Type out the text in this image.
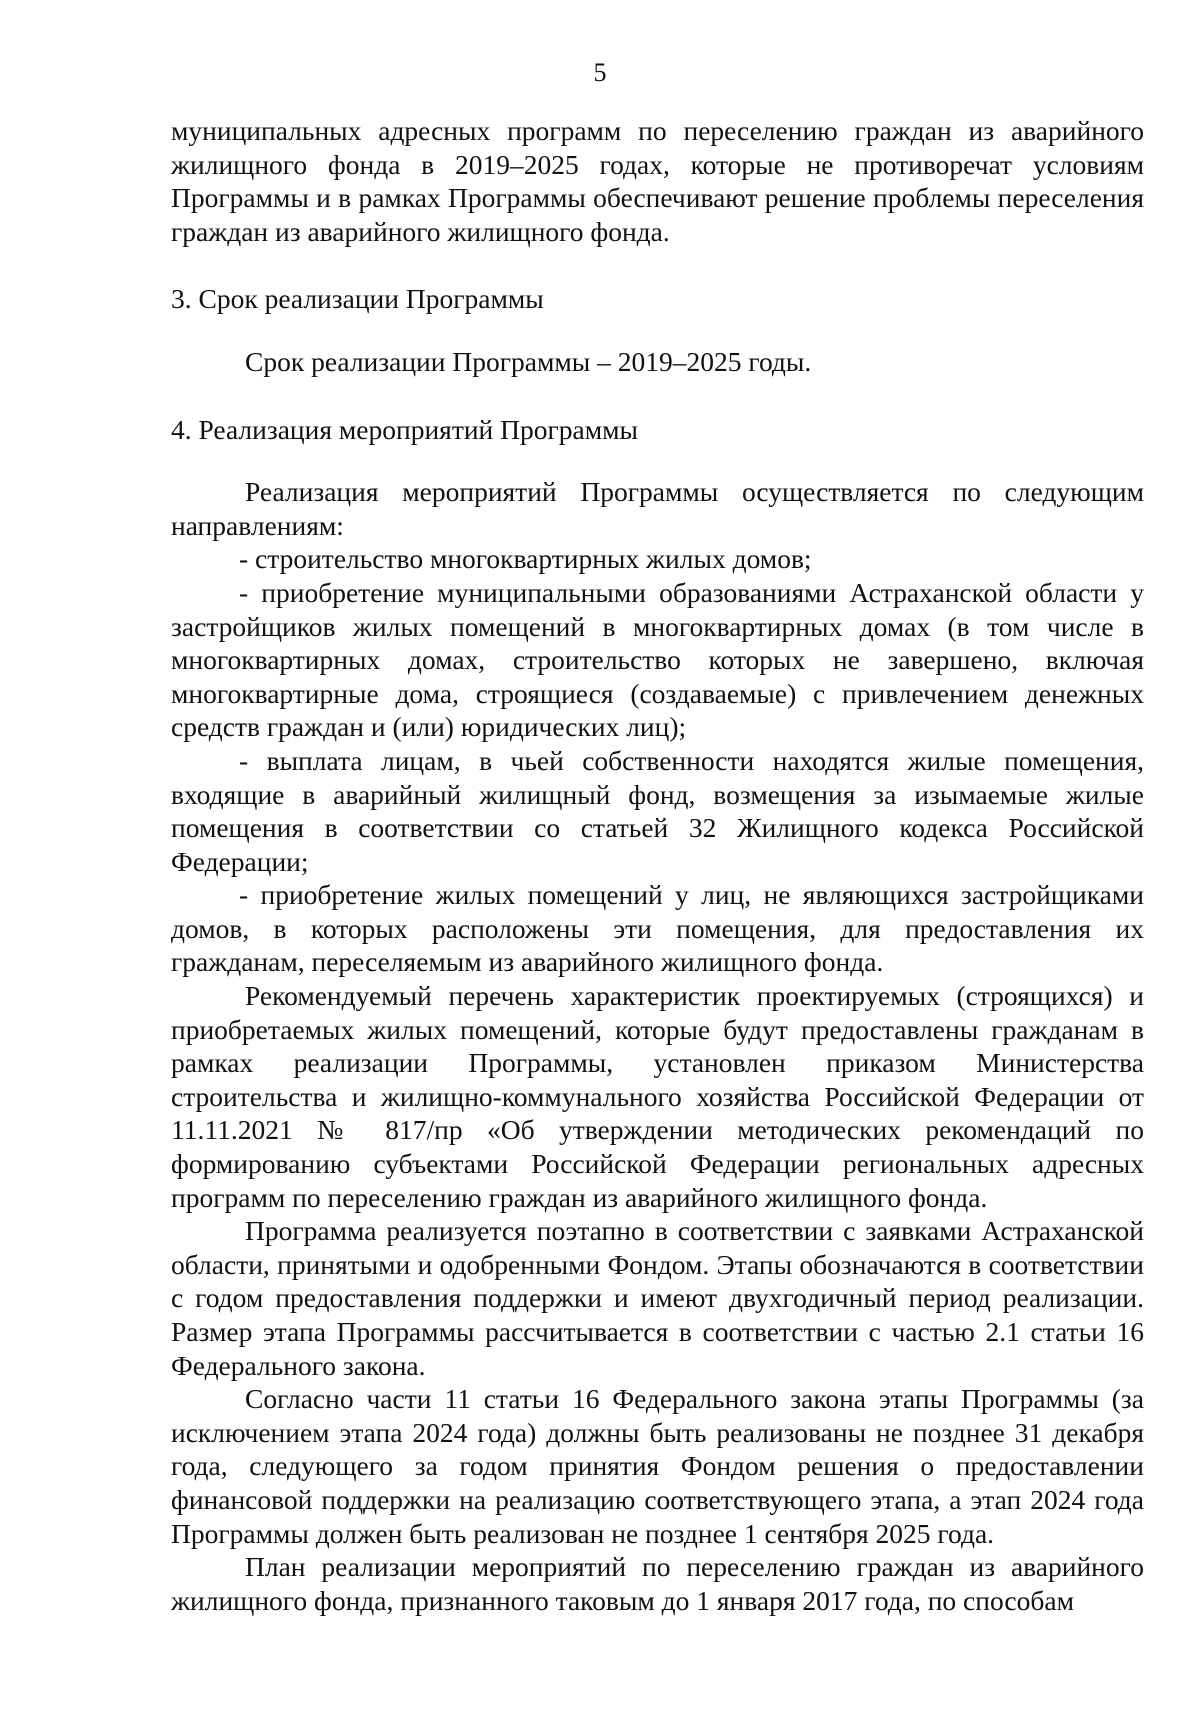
5

муниципальных адресных программ по переселению граждан из аварийного жилищного фонда в 2019–2025 годах, которые не противоречат условиям Программы и в рамках Программы обеспечивают решение проблемы переселения граждан из аварийного жилищного фонда.

3. Срок реализации Программы

Срок реализации Программы – 2019–2025 годы.

4. Реализация мероприятий Программы

Реализация мероприятий Программы осуществляется по следующим направлениям:

- строительство многоквартирных жилых домов;

- приобретение муниципальными образованиями Астраханской области у застройщиков жилых помещений в многоквартирных домах (в том числе в многоквартирных домах, строительство которых не завершено, включая многоквартирные дома, строящиеся (создаваемые) с привлечением денежных средств граждан и (или) юридических лиц);

- выплата лицам, в чьей собственности находятся жилые помещения, входящие в аварийный жилищный фонд, возмещения за изымаемые жилые помещения в соответствии со статьей 32 Жилищного кодекса Российской Федерации;

- приобретение жилых помещений у лиц, не являющихся застройщиками домов, в которых расположены эти помещения, для предоставления их гражданам, переселяемым из аварийного жилищного фонда.

Рекомендуемый перечень характеристик проектируемых (строящихся) и приобретаемых жилых помещений, которые будут предоставлены гражданам в рамках реализации Программы, установлен приказом Министерства строительства и жилищно-коммунального хозяйства Российской Федерации от 11.11.2021 № 817/пр «Об утверждении методических рекомендаций по формированию субъектами Российской Федерации региональных адресных программ по переселению граждан из аварийного жилищного фонда.

Программа реализуется поэтапно в соответствии с заявками Астраханской области, принятыми и одобренными Фондом. Этапы обозначаются в соответствии с годом предоставления поддержки и имеют двухгодичный период реализации. Размер этапа Программы рассчитывается в соответствии с частью 2.1 статьи 16 Федерального закона.

Согласно части 11 статьи 16 Федерального закона этапы Программы (за исключением этапа 2024 года) должны быть реализованы не позднее 31 декабря года, следующего за годом принятия Фондом решения о предоставлении финансовой поддержки на реализацию соответствующего этапа, а этап 2024 года Программы должен быть реализован не позднее 1 сентября 2025 года.

План реализации мероприятий по переселению граждан из аварийного жилищного фонда, признанного таковым до 1 января 2017 года, по способам
